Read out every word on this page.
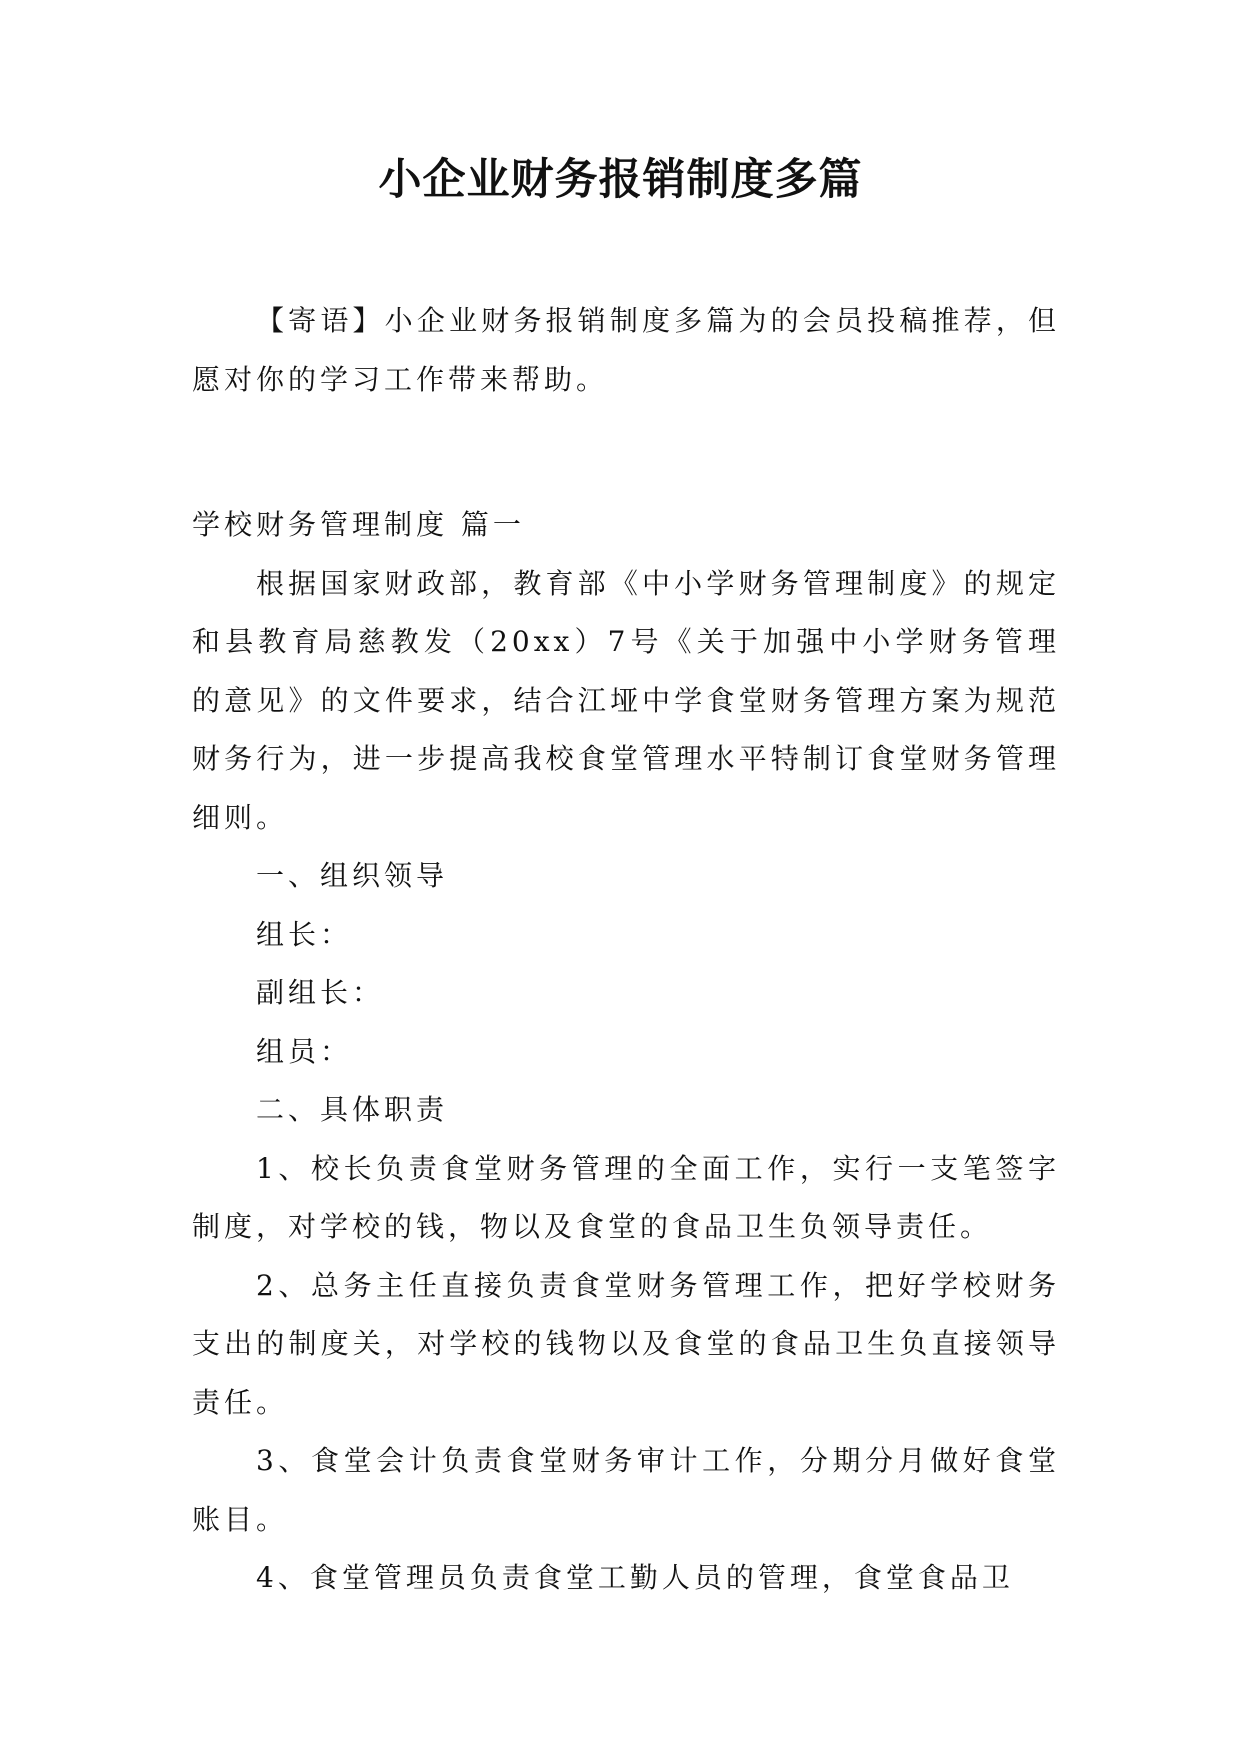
小企业财务报销制度多篇

【寄语】小企业财务报销制度多篇为的会员投稿推荐，但愿对你的学习工作带来帮助。

学校财务管理制度 篇一

根据国家财政部，教育部《中小学财务管理制度》的规定和县教育局慈教发（20xx）7号《关于加强中小学财务管理的意见》的文件要求，结合江垭中学食堂财务管理方案为规范财务行为，进一步提高我校食堂管理水平特制订食堂财务管理细则。

一、组织领导

组长：

副组长：

组员：

二、具体职责

1、校长负责食堂财务管理的全面工作，实行一支笔签字制度，对学校的钱，物以及食堂的食品卫生负领导责任。

2、总务主任直接负责食堂财务管理工作，把好学校财务支出的制度关，对学校的钱物以及食堂的食品卫生负直接领导责任。

3、食堂会计负责食堂财务审计工作，分期分月做好食堂账目。

4、食堂管理员负责食堂工勤人员的管理，食堂食品卫
